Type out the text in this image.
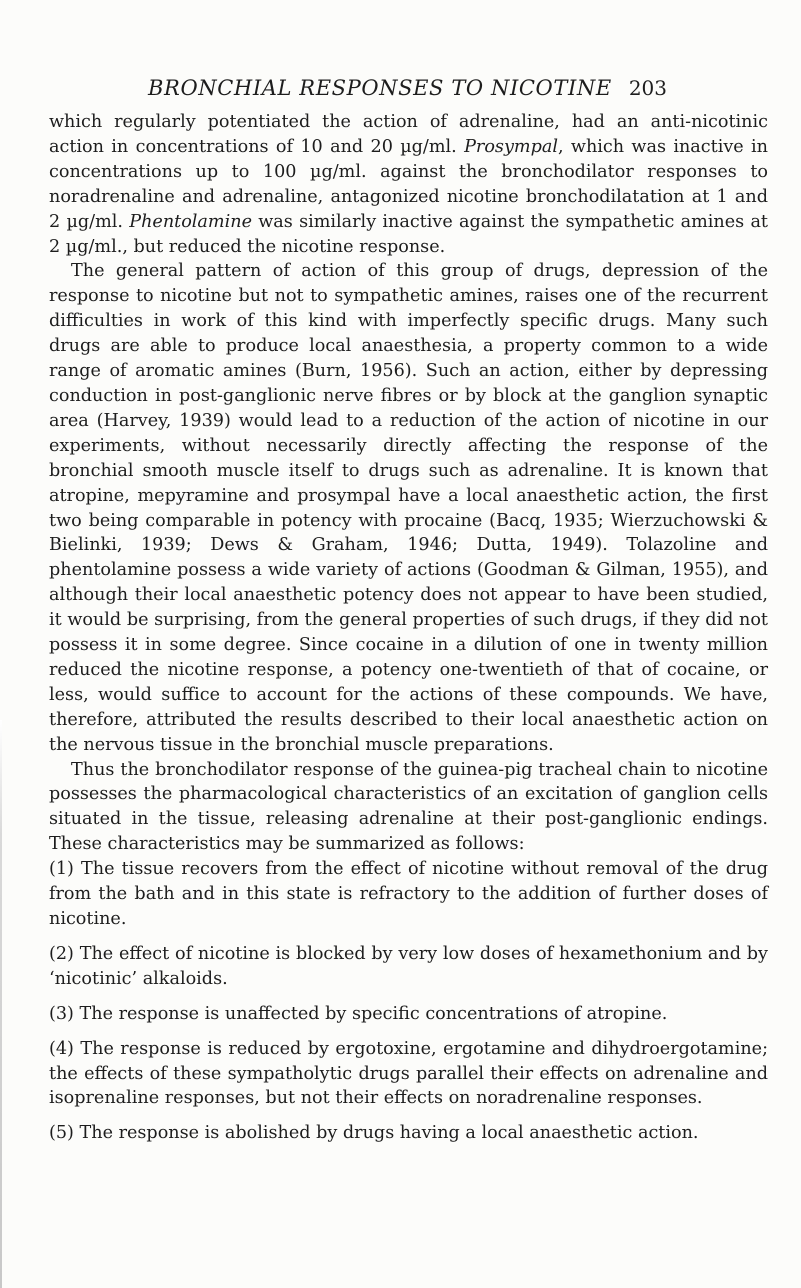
BRONCHIAL RESPONSES TO NICOTINE 203

which regularly potentiated the action of adrenaline, had an anti-nicotinic action in concentrations of 10 and 20 µg/ml. Prosympal, which was inactive in concentrations up to 100 µg/ml. against the bronchodilator responses to noradrenaline and adrenaline, antagonized nicotine bronchodilatation at 1 and 2 µg/ml. Phentolamine was similarly inactive against the sympathetic amines at 2 µg/ml., but reduced the nicotine response.

The general pattern of action of this group of drugs, depression of the response to nicotine but not to sympathetic amines, raises one of the recurrent difficulties in work of this kind with imperfectly specific drugs. Many such drugs are able to produce local anaesthesia, a property common to a wide range of aromatic amines (Burn, 1956). Such an action, either by depressing conduction in post-ganglionic nerve fibres or by block at the ganglion synaptic area (Harvey, 1939) would lead to a reduction of the action of nicotine in our experiments, without necessarily directly affecting the response of the bronchial smooth muscle itself to drugs such as adrenaline. It is known that atropine, mepyramine and prosympal have a local anaesthetic action, the first two being comparable in potency with procaine (Bacq, 1935; Wierzuchowski & Bielinki, 1939; Dews & Graham, 1946; Dutta, 1949). Tolazoline and phentolamine possess a wide variety of actions (Goodman & Gilman, 1955), and although their local anaesthetic potency does not appear to have been studied, it would be surprising, from the general properties of such drugs, if they did not possess it in some degree. Since cocaine in a dilution of one in twenty million reduced the nicotine response, a potency one-twentieth of that of cocaine, or less, would suffice to account for the actions of these compounds. We have, therefore, attributed the results described to their local anaesthetic action on the nervous tissue in the bronchial muscle preparations.

Thus the bronchodilator response of the guinea-pig tracheal chain to nicotine possesses the pharmacological characteristics of an excitation of ganglion cells situated in the tissue, releasing adrenaline at their post-ganglionic endings. These characteristics may be summarized as follows:

(1) The tissue recovers from the effect of nicotine without removal of the drug from the bath and in this state is refractory to the addition of further doses of nicotine.
(2) The effect of nicotine is blocked by very low doses of hexamethonium and by ‘nicotinic’ alkaloids.
(3) The response is unaffected by specific concentrations of atropine.
(4) The response is reduced by ergotoxine, ergotamine and dihydroergotamine; the effects of these sympatholytic drugs parallel their effects on adrenaline and isoprenaline responses, but not their effects on noradrenaline responses.
(5) The response is abolished by drugs having a local anaesthetic action.
